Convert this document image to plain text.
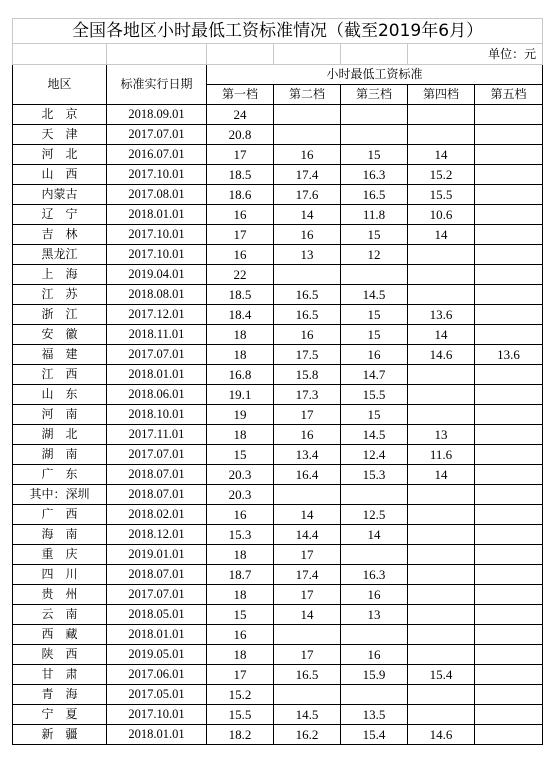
全国各地区小时最低工资标准情况（截至2019年6月）						
					单位：元	
地区	标准实行日期	小时最低工资标准				
		第一档	第二档	第三档	第四档	第五档
北　京	2018.09.01	24				
天　津	2017.07.01	20.8				
河　北	2016.07.01	17	16	15	14	
山　西	2017.10.01	18.5	17.4	16.3	15.2	
内蒙古	2017.08.01	18.6	17.6	16.5	15.5	
辽　宁	2018.01.01	16	14	11.8	10.6	
吉　林	2017.10.01	17	16	15	14	
黑龙江	2017.10.01	16	13	12		
上　海	2019.04.01	22				
江　苏	2018.08.01	18.5	16.5	14.5		
浙　江	2017.12.01	18.4	16.5	15	13.6	
安　徽	2018.11.01	18	16	15	14	
福　建	2017.07.01	18	17.5	16	14.6	13.6
江　西	2018.01.01	16.8	15.8	14.7		
山　东	2018.06.01	19.1	17.3	15.5		
河　南	2018.10.01	19	17	15		
湖　北	2017.11.01	18	16	14.5	13	
湖　南	2017.07.01	15	13.4	12.4	11.6	
广　东	2018.07.01	20.3	16.4	15.3	14	
其中：深圳	2018.07.01	20.3				
广　西	2018.02.01	16	14	12.5		
海　南	2018.12.01	15.3	14.4	14		
重　庆	2019.01.01	18	17			
四　川	2018.07.01	18.7	17.4	16.3		
贵　州	2017.07.01	18	17	16		
云　南	2018.05.01	15	14	13		
西　藏	2018.01.01	16				
陕　西	2019.05.01	18	17	16		
甘　肃	2017.06.01	17	16.5	15.9	15.4	
青　海	2017.05.01	15.2				
宁　夏	2017.10.01	15.5	14.5	13.5		
新　疆	2018.01.01	18.2	16.2	15.4	14.6	
